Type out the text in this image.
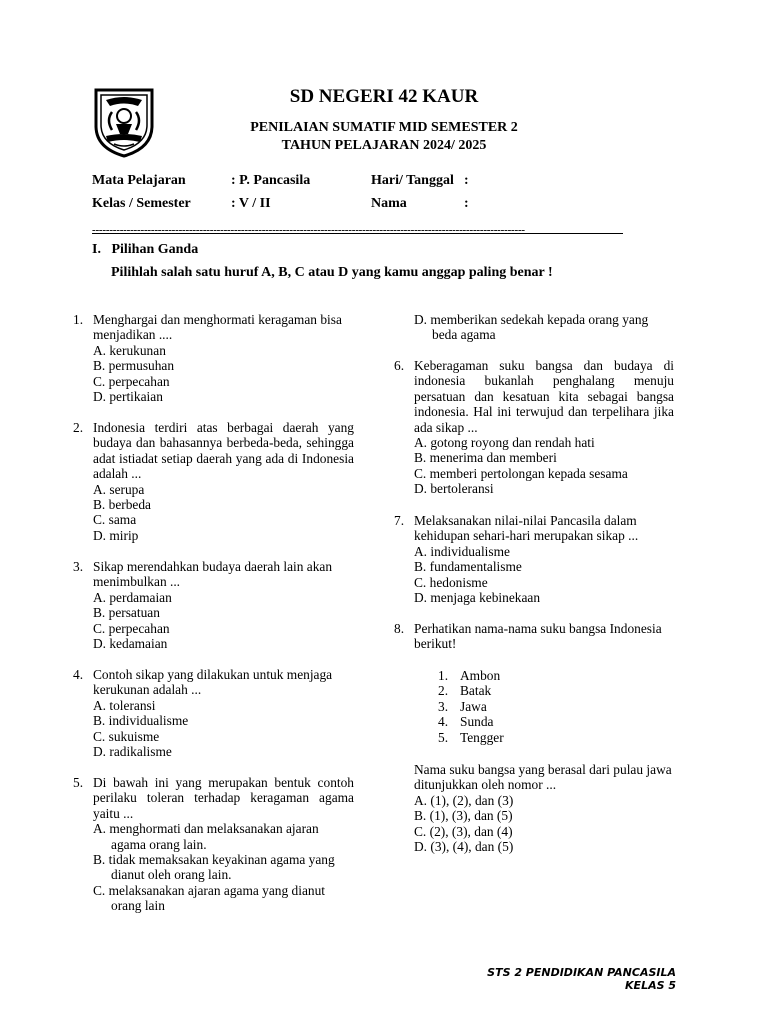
SD NEGERI 42 KAUR
PENILAIAN SUMATIF MID SEMESTER 2
TAHUN PELAJARAN 2024/ 2025
Mata Pelajaran	: P. Pancasila	Hari/ Tanggal :
Kelas / Semester	: V / II	Nama	:
-----------------------------------------------------------------------------------------------------------------------------
I. Pilihan Ganda
Pilihlah salah satu huruf A, B, C atau D yang kamu anggap paling benar !
1. Menghargai dan menghormati keragaman bisa menjadikan ....
A. kerukunan
B. permusuhan
C. perpecahan
D. pertikaian
2. Indonesia terdiri atas berbagai daerah yang budaya dan bahasannya berbeda-beda, sehingga adat istiadat setiap daerah yang ada di Indonesia adalah ...
A. serupa
B. berbeda
C. sama
D. mirip
3. Sikap merendahkan budaya daerah lain akan menimbulkan ...
A. perdamaian
B. persatuan
C. perpecahan
D. kedamaian
4. Contoh sikap yang dilakukan untuk menjaga kerukunan adalah ...
A. toleransi
B. individualisme
C. sukuisme
D. radikalisme
5. Di bawah ini yang merupakan bentuk contoh perilaku toleran terhadap keragaman agama yaitu ...
A. menghormati dan melaksanakan ajaran agama orang lain.
B. tidak memaksakan keyakinan agama yang dianut oleh orang lain.
C. melaksanakan ajaran agama yang dianut orang lain
D. memberikan sedekah kepada orang yang beda agama
6. Keberagaman suku bangsa dan budaya di indonesia bukanlah penghalang menuju persatuan dan kesatuan kita sebagai bangsa indonesia. Hal ini terwujud dan terpelihara jika ada sikap ...
A. gotong royong dan rendah hati
B. menerima dan memberi
C. memberi pertolongan kepada sesama
D. bertoleransi
7. Melaksanakan nilai-nilai Pancasila dalam kehidupan sehari-hari merupakan sikap ...
A. individualisme
B. fundamentalisme
C. hedonisme
D. menjaga kebinekaan
8. Perhatikan nama-nama suku bangsa Indonesia berikut!
1. Ambon
2. Batak
3. Jawa
4. Sunda
5. Tengger
Nama suku bangsa yang berasal dari pulau jawa ditunjukkan oleh nomor ...
A. (1), (2), dan (3)
B. (1), (3), dan (5)
C. (2), (3), dan (4)
D. (3), (4), dan (5)
STS 2 PENDIDIKAN PANCASILA KELAS 5
